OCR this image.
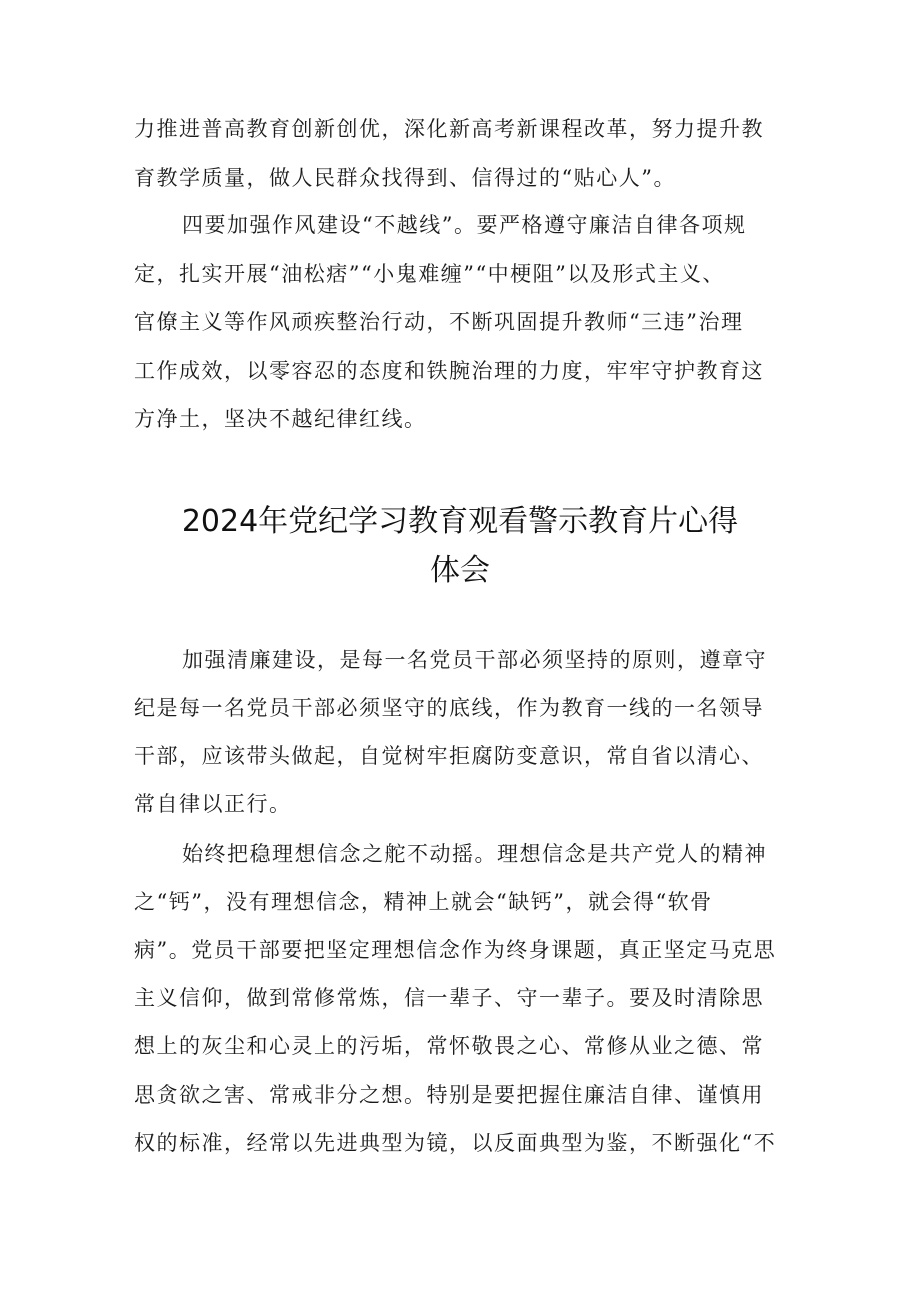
力推进普高教育创新创优，深化新高考新课程改革，努力提升教
育教学质量，做人民群众找得到、信得过的“贴心人”。
四要加强作风建设“不越线”。要严格遵守廉洁自律各项规
定，扎实开展“油松痞”“小鬼难缠”“中梗阻”以及形式主义、
官僚主义等作风顽疾整治行动，不断巩固提升教师“三违”治理
工作成效，以零容忍的态度和铁腕治理的力度，牢牢守护教育这
方净土，坚决不越纪律红线。
2024年党纪学习教育观看警示教育片心得
体会
加强清廉建设，是每一名党员干部必须坚持的原则，遵章守
纪是每一名党员干部必须坚守的底线，作为教育一线的一名领导
干部，应该带头做起，自觉树牢拒腐防变意识，常自省以清心、
常自律以正行。
始终把稳理想信念之舵不动摇。理想信念是共产党人的精神
之“钙”，没有理想信念，精神上就会“缺钙”，就会得“软骨
病”。党员干部要把坚定理想信念作为终身课题，真正坚定马克思
主义信仰，做到常修常炼，信一辈子、守一辈子。要及时清除思
想上的灰尘和心灵上的污垢，常怀敬畏之心、常修从业之德、常
思贪欲之害、常戒非分之想。特别是要把握住廉洁自律、谨慎用
权的标准，经常以先进典型为镜，以反面典型为鉴，不断强化“不
